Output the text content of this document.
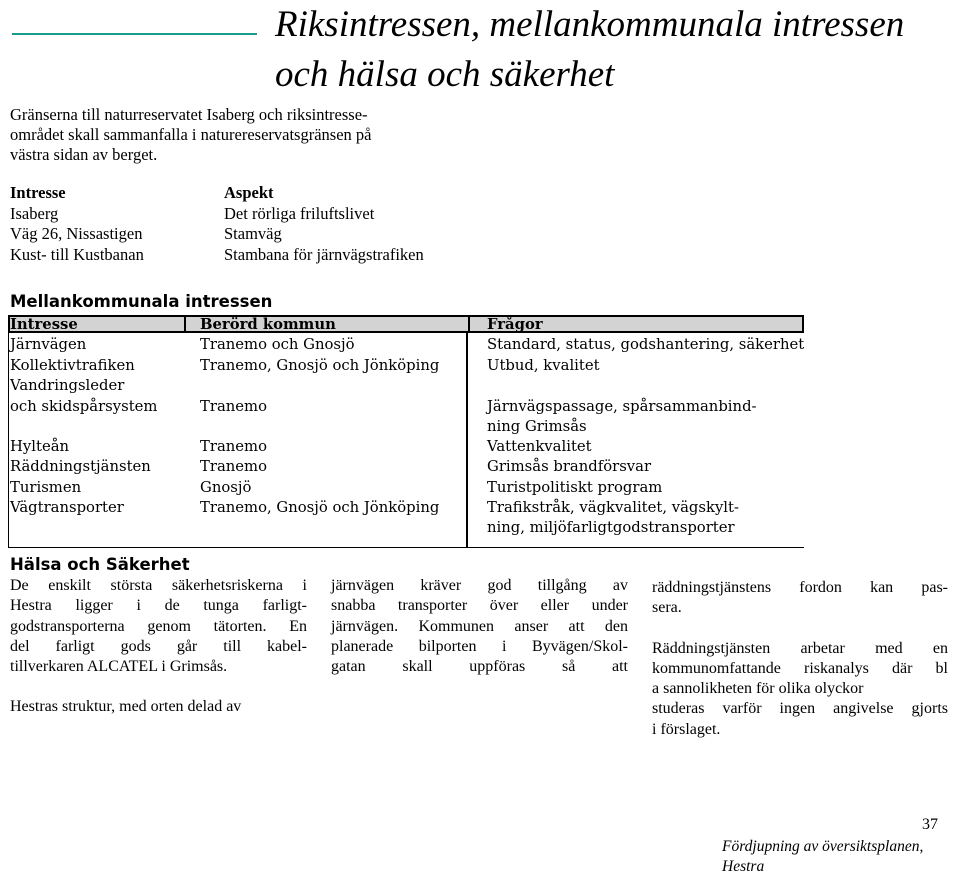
Riksintressen, mellankommunala intressen
och hälsa och säkerhet
Gränserna till naturreservatet Isaberg och riksintresse-
området skall sammanfalla i naturereservatsgränsen på
västra sidan av berget.
Intresse	Aspekt
Isaberg	Det rörliga friluftslivet
Väg 26, Nissastigen	Stamväg
Kust- till Kustbanan	Stambana för järnvägstrafiken
Mellankommunala intressen
Intresse	Berörd kommun	Frågor
Järnvägen	Tranemo och Gnosjö	Standard, status, godshantering, säkerhet
Kollektivtrafiken	Tranemo, Gnosjö och Jönköping	Utbud, kvalitet
Vandringsleder
och skidspårsystem	Tranemo	Järnvägspassage, spårsammanbind-
ning Grimsås
Hylteån	Tranemo	Vattenkvalitet
Räddningstjänsten	Tranemo	Grimsås brandförsvar
Turismen	Gnosjö	Turistpolitiskt program
Vägtransporter	Tranemo, Gnosjö och Jönköping	Trafikstråk, vägkvalitet, vägskylt-
ning, miljöfarligtgodstransporter
Hälsa och Säkerhet
De enskilt största säkerhetsriskerna i
Hestra ligger i de tunga farligt-
godstransporterna genom tätorten. En
del farligt gods går till kabel-
tillverkaren ALCATEL i Grimsås.
Hestras struktur, med orten delad av
järnvägen kräver god tillgång av
snabba transporter över eller under
järnvägen. Kommunen anser att den
planerade bilporten i Byvägen/Skol-
gatan skall uppföras så att
räddningstjänstens fordon kan pas-
sera.
Räddningstjänsten arbetar med en
kommunomfattande riskanalys där bl
a sannolikheten för olika olyckor
studeras varför ingen angivelse gjorts
i förslaget.
37
Fördjupning av översiktsplanen,
Hestra
